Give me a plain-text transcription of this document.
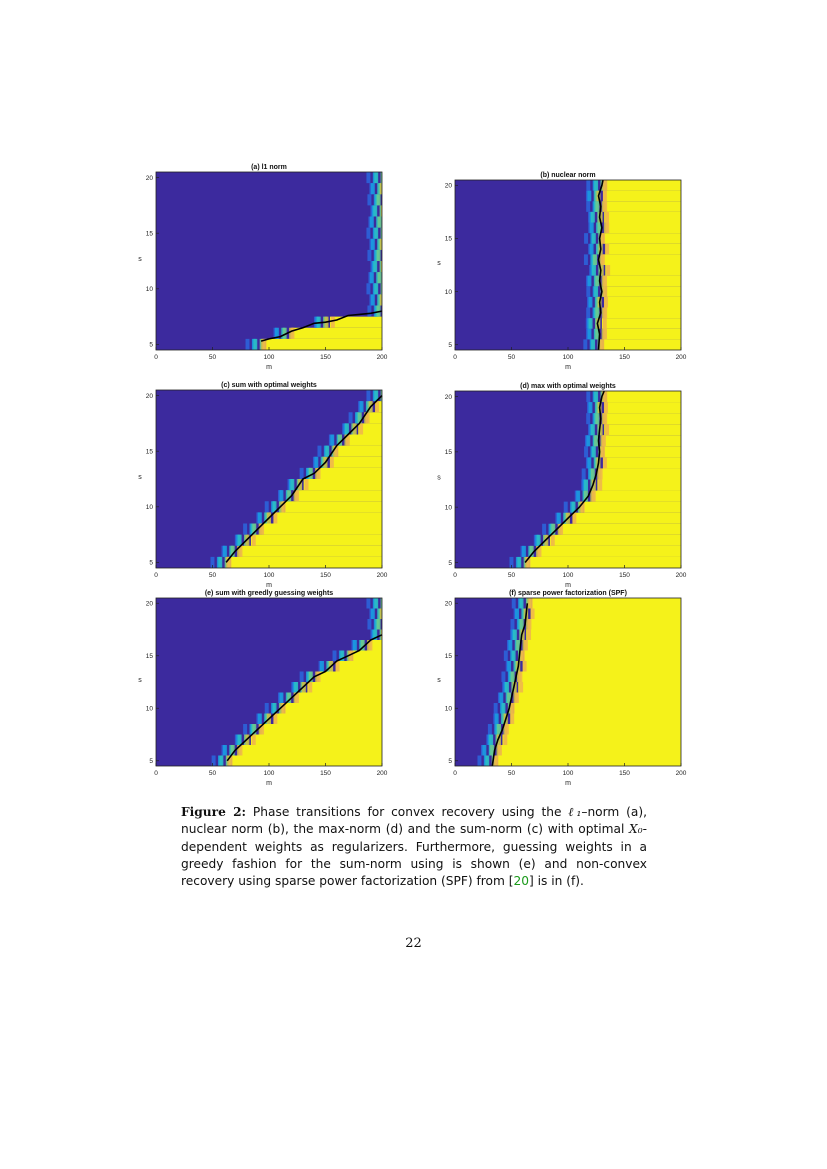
0	50	100	150	200
5
10
15
20
m
s
(a) l1 norm
0	50	100	150	200
5
10
15
20
m
s
(b) nuclear norm
0	50	100	150	200
5
10
15
20
m
s
(c) sum with optimal weights
0	50	100	150	200
5
10
15
20
m
s
(d) max with optimal weights
0	50	100	150	200
5
10
15
20
m
s
(e) sum with greedly guessing weights
0	50	100	150	200
5
10
15
20
m
s
(f) sparse power factorization (SPF)
Figure 2: Phase transitions for convex recovery using the ℓ₁–norm (a), nuclear norm (b), the max-norm (d) and the sum-norm (c) with optimal X₀-dependent weights as regularizers. Furthermore, guessing weights in a greedy fashion for the sum-norm using is shown (e) and non-convex recovery using sparse power factorization (SPF) from [20] is in (f).
22
